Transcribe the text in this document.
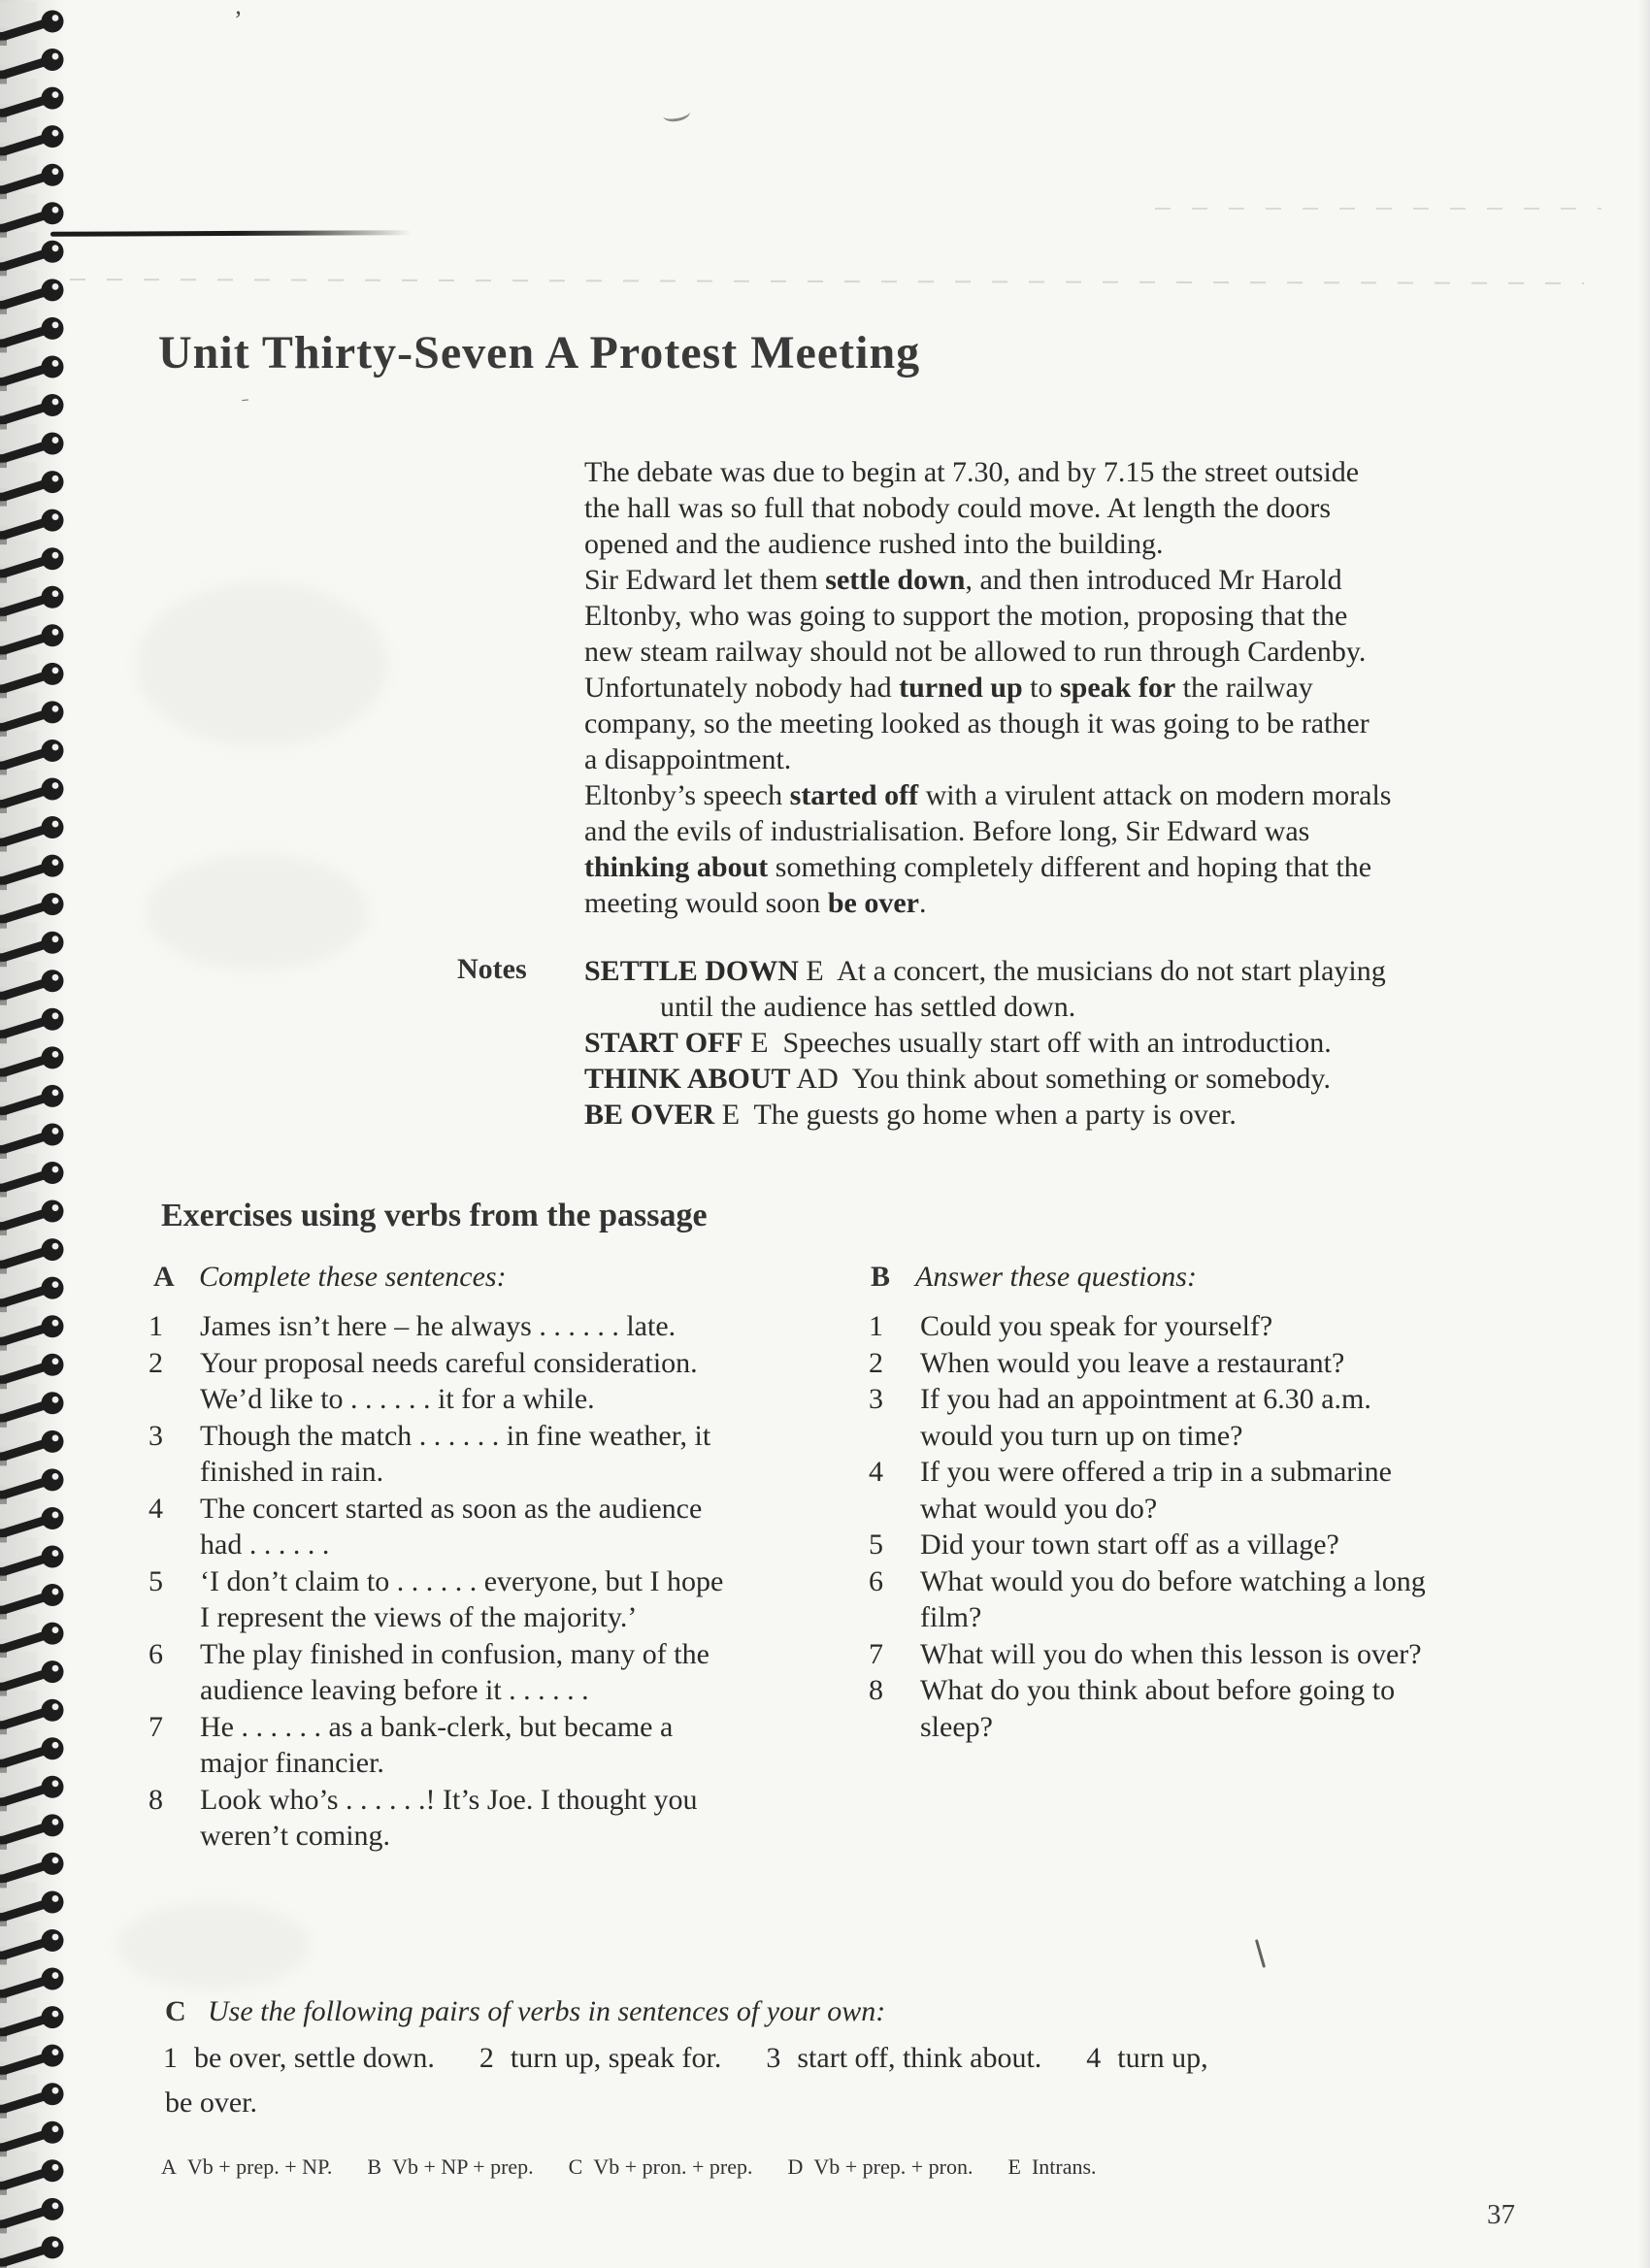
’
ˍ
Unit Thirty-Seven A Protest Meeting
The debate was due to begin at 7.30, and by 7.15 the street outside
the hall was so full that nobody could move. At length the doors
opened and the audience rushed into the building.
Sir Edward let them settle down, and then introduced Mr Harold
Eltonby, who was going to support the motion, proposing that the
new steam railway should not be allowed to run through Cardenby.
Unfortunately nobody had turned up to speak for the railway
company, so the meeting looked as though it was going to be rather
a disappointment.
Eltonby’s speech started off with a virulent attack on modern morals
and the evils of industrialisation. Before long, Sir Edward was
thinking about something completely different and hoping that the
meeting would soon be over.
Notes SETTLE DOWN E  At a concert, the musicians do not start playing
until the audience has settled down.
START OFF E  Speeches usually start off with an introduction.
THINK ABOUT AD  You think about something or somebody.
BE OVER E  The guests go home when a party is over.
Exercises using verbs from the passage
A Complete these sentences:
1	James isn’t here – he always . . . . . . late.
2	Your proposal needs careful consideration.
We’d like to . . . . . . it for a while.
3	Though the match . . . . . . in fine weather, it
finished in rain.
4	The concert started as soon as the audience
had . . . . . .
5	‘I don’t claim to . . . . . . everyone, but I hope
I represent the views of the majority.’
6	The play finished in confusion, many of the
audience leaving before it . . . . . .
7	He . . . . . . as a bank-clerk, but became a
major financier.
8	Look who’s . . . . . .! It’s Joe. I thought you
weren’t coming.
B Answer these questions:
1	Could you speak for yourself?
2	When would you leave a restaurant?
3	If you had an appointment at 6.30 a.m.
would you turn up on time?
4	If you were offered a trip in a submarine
what would you do?
5	Did your town start off as a village?
6	What would you do before watching a long
film?
7	What will you do when this lesson is over?
8	What do you think about before going to
sleep?
C Use the following pairs of verbs in sentences of your own:
1 be over, settle down. 2 turn up, speak for. 3 start off, think about. 4 turn up,
be over.
A Vb + prep. + NP. B Vb + NP + prep. C Vb + pron. + prep. D Vb + prep. + pron. E Intrans.
37
